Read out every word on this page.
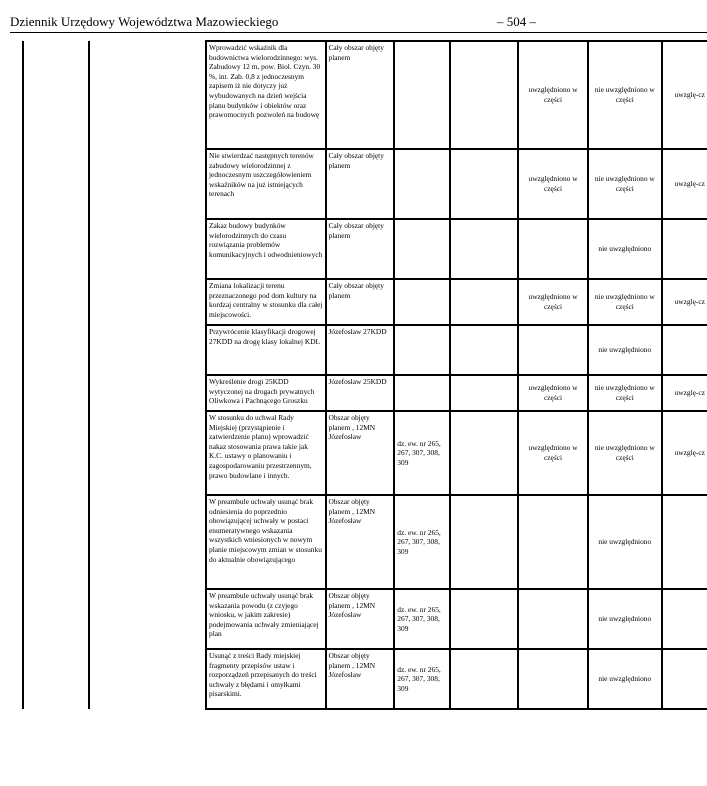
Dziennik Urzędowy Województwa Mazowieckiego	– 504 –
Wprowadzić wskaźnik dla budownictwa wielorodzinnego: wys. Zabudowy 12 m, pow. Biol. Czyn. 30 %, int. Zab. 0,8 z jednoczesnym zapisem iż nie dotyczy już wybudowanych na dzień wejścia planu budynków i obiektów oraz prawomocnych pozwoleń na budowę	Cały obszar objęty planem			uwzględniono w części	nie uwzględniono w części	uwzglę-cz

Nie stwierdzać następnych terenów zabudowy wielorodzinnej z jednoczesnym uszczegółowieniem wskaźników na już istniejących terenach	Cały obszar objęty planem			uwzględniono w części	nie uwzględniono w części	uwzglę-cz

Zakaz budowy budynków wielorodzinnych do czasu rozwiązania problemów komunikacyjnych i odwodnieniowych	Cały obszar objęty planem				nie uwzględniono	

Zmiana lokalizacji terenu przeznaczonego pod dom kultury na kordzaj centralny w stosunku dla całej miejscowości.	Cały obszar objęty planem			uwzględniono w części	nie uwzględniono w części	uwzglę-cz

Przywrócenie klasyfikacji drogowej 27KDD na drogę klasy lokalnej KDL	Józefosław 27KDD				nie uwzględniono	

Wykreślenie drogi 25KDD wytyczonej na drogach prywatnych Oliwkowa i Pachnącego Groszku	Józefosław 25KDD			uwzględniono w części	nie uwzględniono w części	uwzglę-cz

W stosunku do uchwał Rady Miejskiej (przystąpienie i zatwierdzenie planu) wprowadzić nakaz stosowania prawa takie jak K.C. ustawy o planowaniu i zagospodarowaniu przestrzennym, prawo budowlane i innych.	Obszar objęty planem , 12MN Józefosław	dz. ew. nr 265, 267, 307, 308, 309		uwzględniono w części	nie uwzględniono w części	uwzglę-cz

W preambule uchwały usunąć brak odniesienia do poprzednio obowiązującej uchwały w postaci enumeratywnego wskazania wszystkich wniesionych w nowym planie miejscowym zmian w stosunku do aktualnie obowiązującego	Obszar objęty planem , 12MN Józefosław	dz. ew. nr 265, 267, 307, 308, 309			nie uwzględniono	

W preambule uchwały usunąć brak wskazania powodu (z czyjego wniosku, w jakim zakresie) podejmowania uchwały zmieniającej plan	Obszar objęty planem , 12MN Józefosław	dz. ew. nr 265, 267, 307, 308, 309			nie uwzględniono	

Usunąć z treści Rady miejskiej fragmenty przepisów ustaw i rozporządzeń przepisanych do treści uchwały z błędami i omyłkami pisarskimi.	Obszar objęty planem , 12MN Józefosław	dz. ew. nr 265, 267, 307, 308, 309			nie uwzględniono	
